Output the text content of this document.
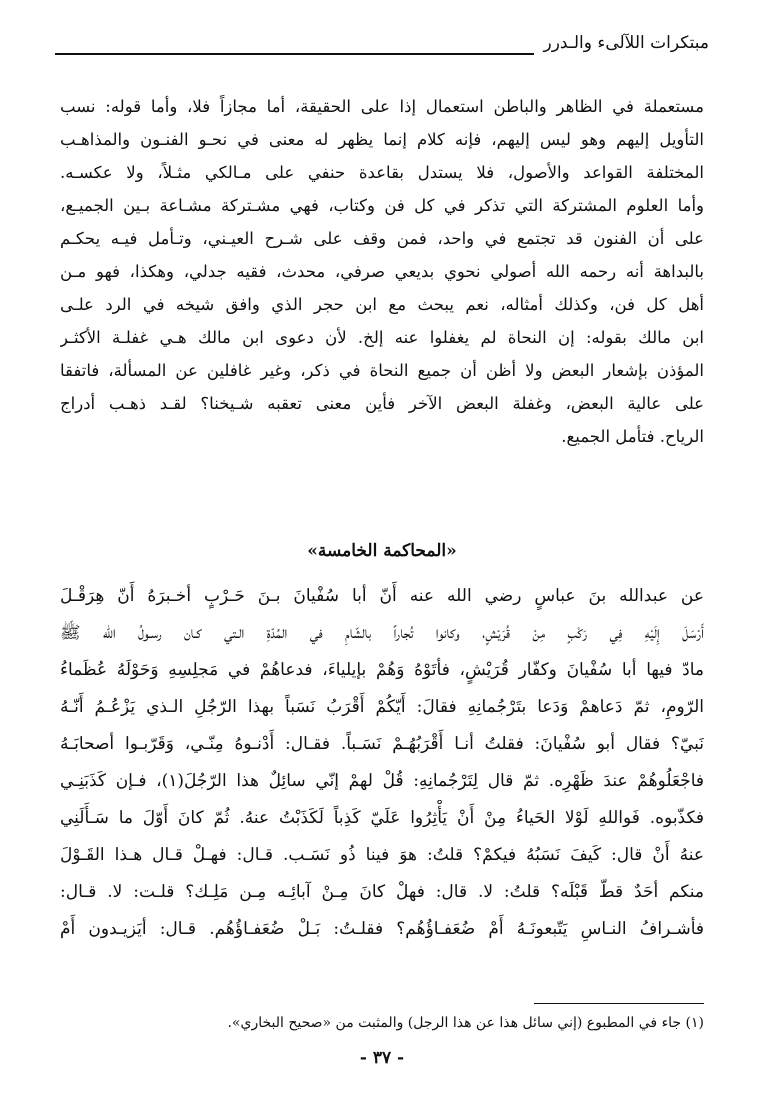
مبتكرات اللآلىء والـدرر
مستعملة في الظاهر والباطن استعمال إذا على الحقيقة، أما مجازاً فلا، وأما قوله: نسب
التأويل إليهم وهو ليس إليهم، فإنه كلام إنما يظهر له معنى في نحـو الفنـون والمذاهـب
المختلفة القواعد والأصول، فلا يستدل بقاعدة حنفي على مـالكي مثـلاً، ولا عكسـه.
وأما العلوم المشتركة التي تذكر في كل فن وكتاب، فهي مشـتركة مشـاعة بـين الجميـع،
على أن الفنون قد تجتمع في واحد، فمن وقف على شـرح العيـني، وتـأمل فيـه يحكـم
بالبداهة أنه رحمه الله أصولي نحوي بديعي صرفي، محدث، فقيه جدلي، وهكذا، فهو مـن
أهل كل فن، وكذلك أمثاله، نعم يبحث مع ابن حجر الذي وافق شيخه في الرد علـى
ابن مالك بقوله: إن النحاة لم يغفلوا عنه إلخ. لأن دعوى ابن مالك هـي غفلـة الأكثـر
المؤذن بإشعار البعض ولا أظن أن جميع النحاة في ذكر، وغير غافلين عن المسألة، فاتفقا
على عالية البعض، وغفلة البعض الآخر فأين معنى تعقبه شـيخنا؟ لقـد ذهـب أدراج
الرياح. فتأمل الجميع.
«المحاكمة الخامسة»
عن عبدالله بنَ عباسٍ رضي الله عنه أَنّ أبا سُفْيانَ بـنَ حَـرْبٍ أخـبرَهُ أَنّ هِرَقْـلَ
أَرْسَلَ إِلَيْهِ فِي رَكْبٍ مِنْ قُرَيْشٍ، وكانوا تُجاراً بالشّامِ في المُدّةِ الـتي كـان رسـولُ الله ﷺ
مادّ فيها أبا سُفْيانَ وكفّار قُرَيْشٍ، فأتَوْهُ وَهُمْ بإيلياءَ، فدعاهُمْ في مَجلِسِهِ وَحَوْلَهُ عُظَماءُ
الرّومِ، ثمّ دَعاهمْ وَدَعا بتَرْجُمانِهِ فقالَ: أَيّكُمْ أَقْرَبُ نَسَباً بهذا الرّجُلِ الـذي يَزْعُـمُ أَنّـهُ
نَبيّ؟ فقال أبو سُفْيانَ: فقلتُ أنـا أَقْرَبُهُـمْ نَسَـباً. فقـال: أَدْنـوهُ مِنّـي، وَقَرّبـوا أصحابَـهُ
فاجْعَلُوهُمْ عندَ ظَهْرِه. ثمّ قال لِتَرْجُمانِهِ: قُلْ لهمْ إنّي سائِلٌ هذا الرّجُلَ(١)، فـإن كَذَبَنِـي
فكذّبوه. فَواللهِ لَوْلا الحَياءُ مِنْ أَنْ يَأْثِرُوا عَلَيّ كَذِباً لَكَذَبْتُ عنهُ. ثُمّ كانَ أَوّلَ ما سَـأَلَنِي
عنهُ أَنْ قال: كَيفَ نَسَبُهُ فيكمْ؟ قلتُ: هوَ فينا ذُو نَسَـب. قـال: فهـلْ قـال هـذا القَـوْلَ
منكم أحَدٌ قطّ قَبْلَه؟ قلتُ: لا. قال: فهلْ كانَ مِـنْ آبائِـه مِـن مَلِـك؟ قلـت: لا. قـال:
فأشـرافُ النـاسِ يَتّبعونَـهُ أَمْ ضُعَفـاؤُهُم؟ فقلـتُ: بَـلْ ضُعَفـاؤُهُم. قـال: أيَزيـدون أَمْ
(١) جاء في المطبوع (إني سائل هذا عن هذا الرجل) والمثبت من «صحيح البخاري».
- ٣٧ -
